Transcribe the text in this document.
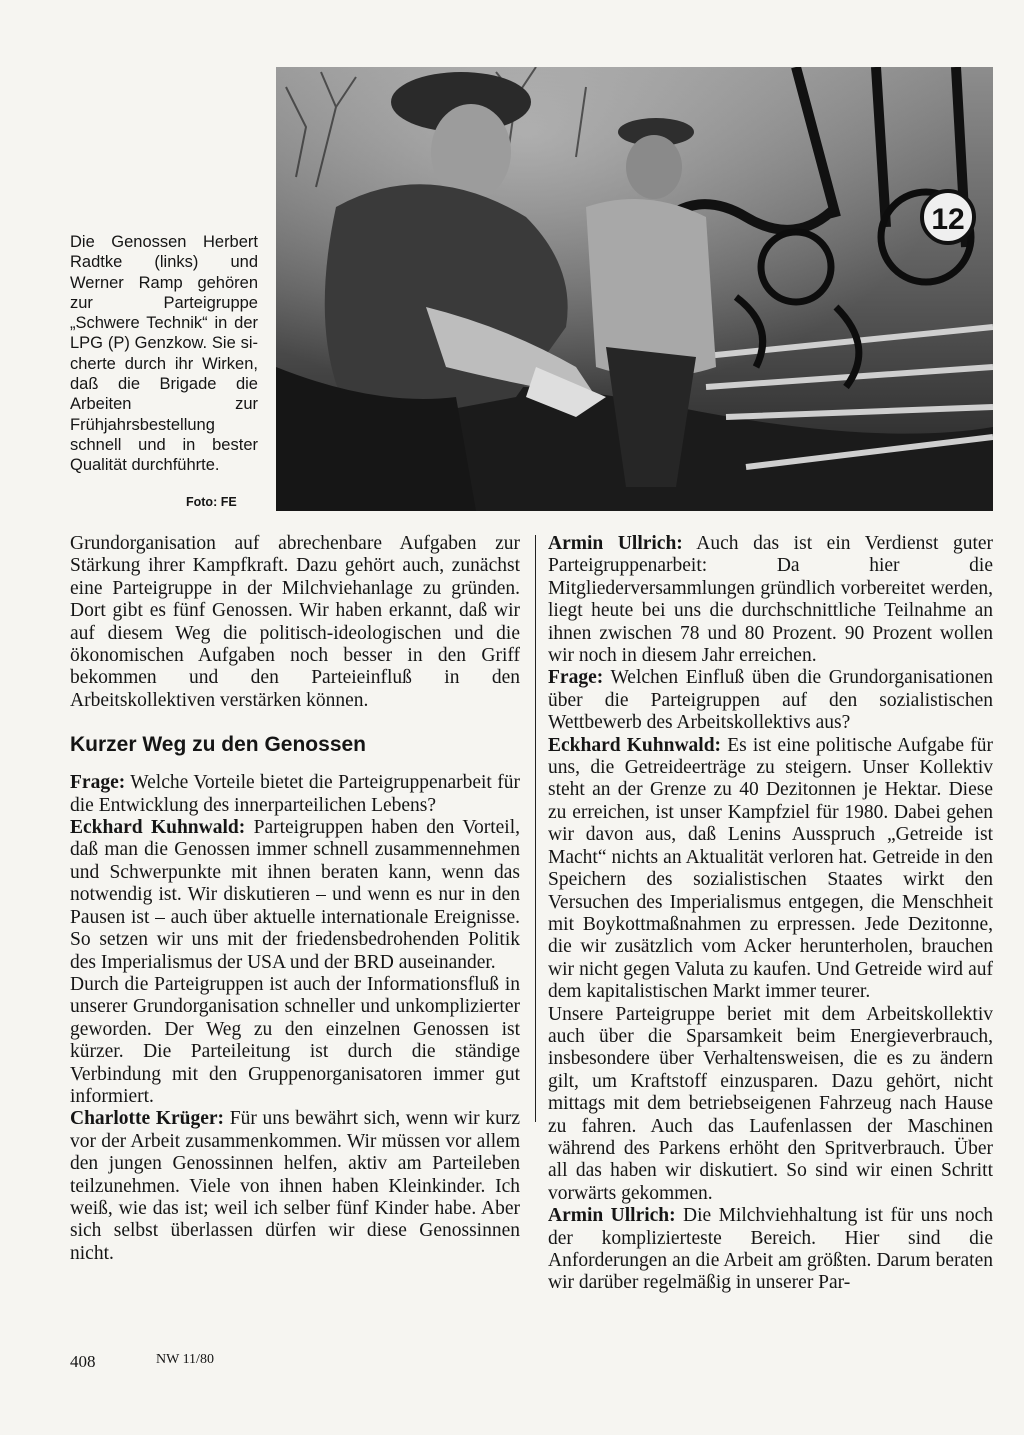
Die Genossen Herbert Radtke (links) und Werner Ramp gehören zur Parteigruppe „Schwere Technik“ in der LPG (P) Genzkow. Sie sicherte durch ihr Wirken, daß die Brigade die Arbeiten zur Frühjahrsbestellung schnell und in bester Qualität durchführte.

Foto: FE
12

Grundorganisation auf abrechenbare Aufgaben zur Stärkung ihrer Kampfkraft. Dazu gehört auch, zunächst eine Parteigruppe in der Milchviehanlage zu gründen. Dort gibt es fünf Genossen. Wir haben erkannt, daß wir auf diesem Weg die politisch-ideologischen und die ökonomischen Aufgaben noch besser in den Griff bekommen und den Parteieinfluß in den Arbeitskollektiven verstärken können.

Kurzer Weg zu den Genossen

Frage: Welche Vorteile bietet die Parteigruppenarbeit für die Entwicklung des innerparteilichen Lebens?

Eckhard Kuhnwald: Parteigruppen haben den Vorteil, daß man die Genossen immer schnell zusammennehmen und Schwerpunkte mit ihnen beraten kann, wenn das notwendig ist. Wir diskutieren – und wenn es nur in den Pausen ist – auch über aktuelle internationale Ereignisse. So setzen wir uns mit der friedensbedrohenden Politik des Imperialismus der USA und der BRD auseinander.

Durch die Parteigruppen ist auch der Informationsfluß in unserer Grundorganisation schneller und unkomplizierter geworden. Der Weg zu den einzelnen Genossen ist kürzer. Die Parteileitung ist durch die ständige Verbindung mit den Gruppenorganisatoren immer gut informiert.

Charlotte Krüger: Für uns bewährt sich, wenn wir kurz vor der Arbeit zusammenkommen. Wir müssen vor allem den jungen Genossinnen helfen, aktiv am Parteileben teilzunehmen. Viele von ihnen haben Kleinkinder. Ich weiß, wie das ist; weil ich selber fünf Kinder habe. Aber sich selbst überlassen dürfen wir diese Genossinnen nicht.

Armin Ullrich: Auch das ist ein Verdienst guter Parteigruppenarbeit: Da hier die Mitgliederversammlungen gründlich vorbereitet werden, liegt heute bei uns die durchschnittliche Teilnahme an ihnen zwischen 78 und 80 Prozent. 90 Prozent wollen wir noch in diesem Jahr erreichen.

Frage: Welchen Einfluß üben die Grundorganisationen über die Parteigruppen auf den sozialistischen Wettbewerb des Arbeitskollektivs aus?

Eckhard Kuhnwald: Es ist eine politische Aufgabe für uns, die Getreideerträge zu steigern. Unser Kollektiv steht an der Grenze zu 40 Dezitonnen je Hektar. Diese zu erreichen, ist unser Kampfziel für 1980. Dabei gehen wir davon aus, daß Lenins Ausspruch „Getreide ist Macht“ nichts an Aktualität verloren hat. Getreide in den Speichern des sozialistischen Staates wirkt den Versuchen des Imperialismus entgegen, die Menschheit mit Boykottmaßnahmen zu erpressen. Jede Dezitonne, die wir zusätzlich vom Acker herunterholen, brauchen wir nicht gegen Valuta zu kaufen. Und Getreide wird auf dem kapitalistischen Markt immer teurer.

Unsere Parteigruppe beriet mit dem Arbeitskollektiv auch über die Sparsamkeit beim Energieverbrauch, insbesondere über Verhaltensweisen, die es zu ändern gilt, um Kraftstoff einzusparen. Dazu gehört, nicht mittags mit dem betriebseigenen Fahrzeug nach Hause zu fahren. Auch das Laufenlassen der Maschinen während des Parkens erhöht den Spritverbrauch. Über all das haben wir diskutiert. So sind wir einen Schritt vorwärts gekommen.

Armin Ullrich: Die Milchviehhaltung ist für uns noch der komplizierteste Bereich. Hier sind die Anforderungen an die Arbeit am größten. Darum beraten wir darüber regelmäßig in unserer Par-

408	NW 11/80
